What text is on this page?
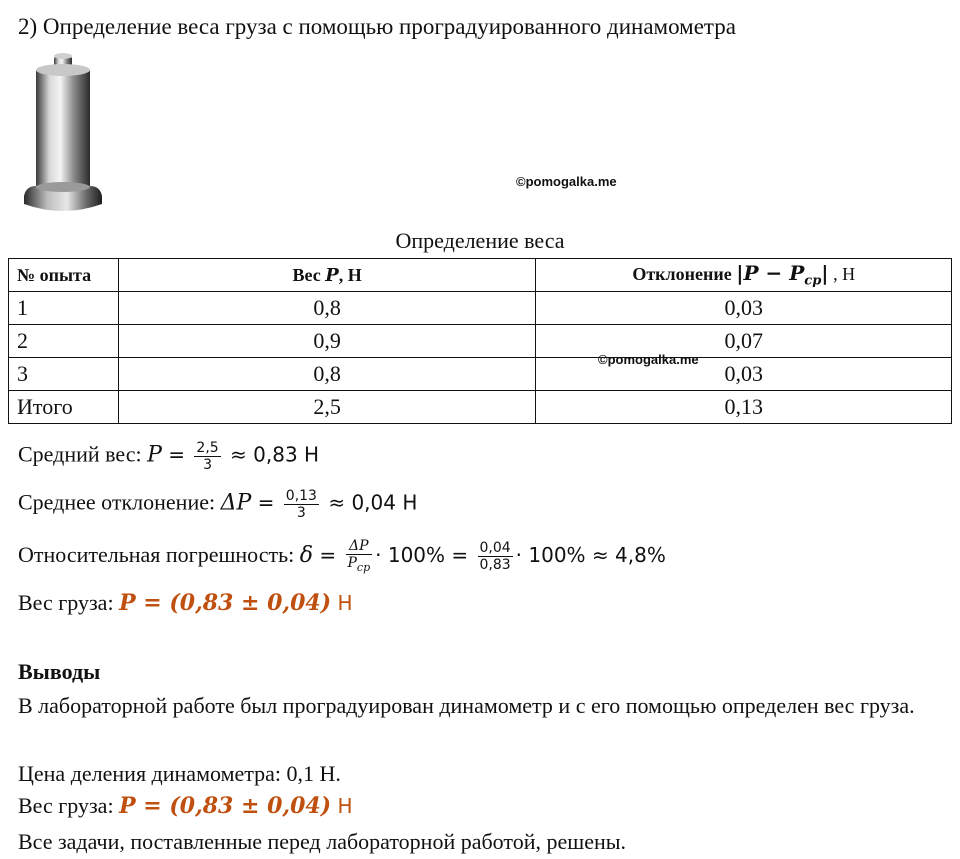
2) Определение веса груза с помощью проградуированного динамометра
©pomogalka.me
Определение веса
№ опыта	Вес P, Н	Отклонение $|P - P_{cp}|$ , Н
1	0,8	0,03
2	0,9	0,07
3	0,8	0,03
Итого	2,5	0,13
©pomogalka.me
Средний вес: $P = \frac{2,5}{3} \approx 0,83$ Н
Среднее отклонение: $\Delta P = \frac{0,13}{3} \approx 0,04$ Н
Относительная погрешность: $\delta = \frac{\Delta P}{P_{cp}} \cdot 100\% = \frac{0,04}{0,83} \cdot 100\% \approx 4,8\%$
Вес груза: P = (0,83 ± 0,04) Н
Выводы
В лабораторной работе был проградуирован динамометр и с его помощью определен вес груза.
Цена деления динамометра: 0,1 Н.
Вес груза: P = (0,83 ± 0,04) Н
Все задачи, поставленные перед лабораторной работой, решены.
